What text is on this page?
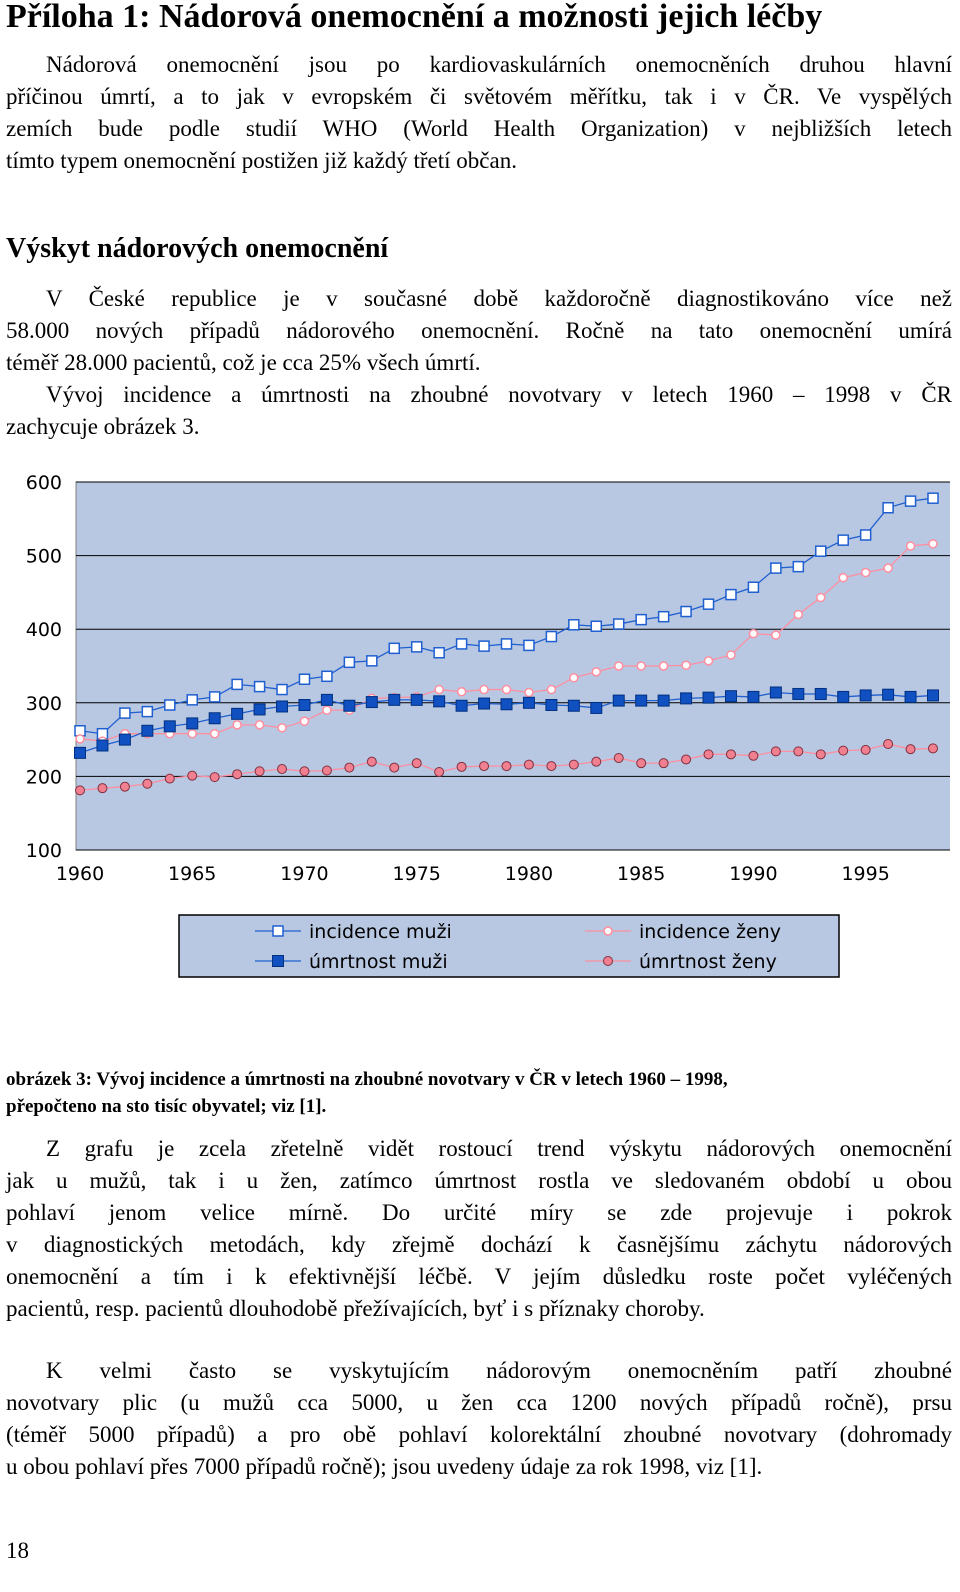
Příloha 1: Nádorová onemocnění a možnosti jejich léčby
Nádorová onemocnění jsou po kardiovaskulárních onemocněních druhou hlavní
příčinou úmrtí, a to jak v evropském či světovém měřítku, tak i v ČR. Ve vyspělých
zemích bude podle studií WHO (World Health Organization) v nejbližších letech
tímto typem onemocnění postižen již každý třetí občan.
Výskyt nádorových onemocnění
V České republice je v současné době každoročně diagnostikováno více než
58.000 nových případů nádorového onemocnění. Ročně na tato onemocnění umírá
téměř 28.000 pacientů, což je cca 25% všech úmrtí.
Vývoj incidence a úmrtnosti na zhoubné novotvary v letech 1960 – 1998 v ČR
zachycuje obrázek 3.
100
200
300
400
500
600
1960	1965	1970	1975	1980	1985	1990	1995
incidence muži	incidence ženy
úmrtnost muži	úmrtnost ženy
obrázek 3: Vývoj incidence a úmrtnosti na zhoubné novotvary v ČR v letech 1960 – 1998,
přepočteno na sto tisíc obyvatel; viz [1].
Z grafu je zcela zřetelně vidět rostoucí trend výskytu nádorových onemocnění
jak u mužů, tak i u žen, zatímco úmrtnost rostla ve sledovaném období u obou
pohlaví jenom velice mírně. Do určité míry se zde projevuje i pokrok
v diagnostických metodách, kdy zřejmě dochází k časnějšímu záchytu nádorových
onemocnění a tím i k efektivnější léčbě. V jejím důsledku roste počet vyléčených
pacientů, resp. pacientů dlouhodobě přežívajících, byť i s příznaky choroby.
K velmi často se vyskytujícím nádorovým onemocněním patří zhoubné
novotvary plic (u mužů cca 5000, u žen cca 1200 nových případů ročně), prsu
(téměř 5000 případů) a pro obě pohlaví kolorektální zhoubné novotvary (dohromady
u obou pohlaví přes 7000 případů ročně); jsou uvedeny údaje za rok 1998, viz [1].
18
